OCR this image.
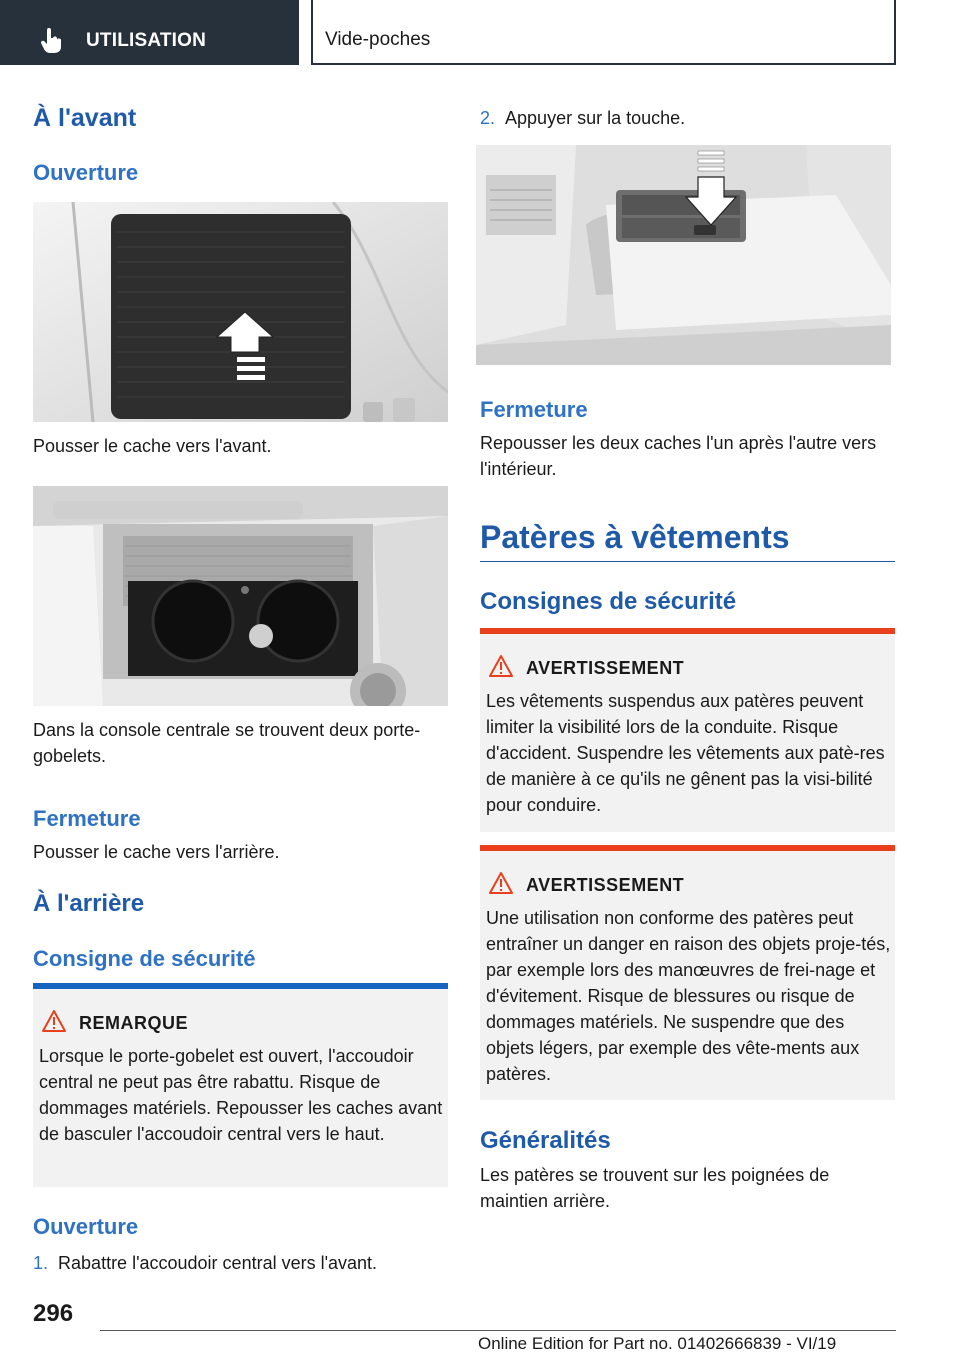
UTILISATION	Vide-poches
À l'avant
Ouverture
Pousser le cache vers l'avant.
Dans la console centrale se trouvent deux porte-gobelets.
Fermeture
Pousser le cache vers l'arrière.
À l'arrière
Consigne de sécurité
REMARQUE
Lorsque le porte-gobelet est ouvert, l'accoudoir central ne peut pas être rabattu. Risque de dommages matériels. Repousser les caches avant de basculer l'accoudoir central vers le haut.
Ouverture
1. Rabattre l'accoudoir central vers l'avant.
2. Appuyer sur la touche.
Fermeture
Repousser les deux caches l'un après l'autre vers l'intérieur.
Patères à vêtements
Consignes de sécurité
AVERTISSEMENT
Les vêtements suspendus aux patères peuvent limiter la visibilité lors de la conduite. Risque d'accident. Suspendre les vêtements aux patè-res de manière à ce qu'ils ne gênent pas la visi-bilité pour conduire.
AVERTISSEMENT
Une utilisation non conforme des patères peut entraîner un danger en raison des objets proje-tés, par exemple lors des manœuvres de frei-nage et d'évitement. Risque de blessures ou risque de dommages matériels. Ne suspendre que des objets légers, par exemple des vête-ments aux patères.
Généralités
Les patères se trouvent sur les poignées de maintien arrière.
296
Online Edition for Part no. 01402666839 - VI/19
